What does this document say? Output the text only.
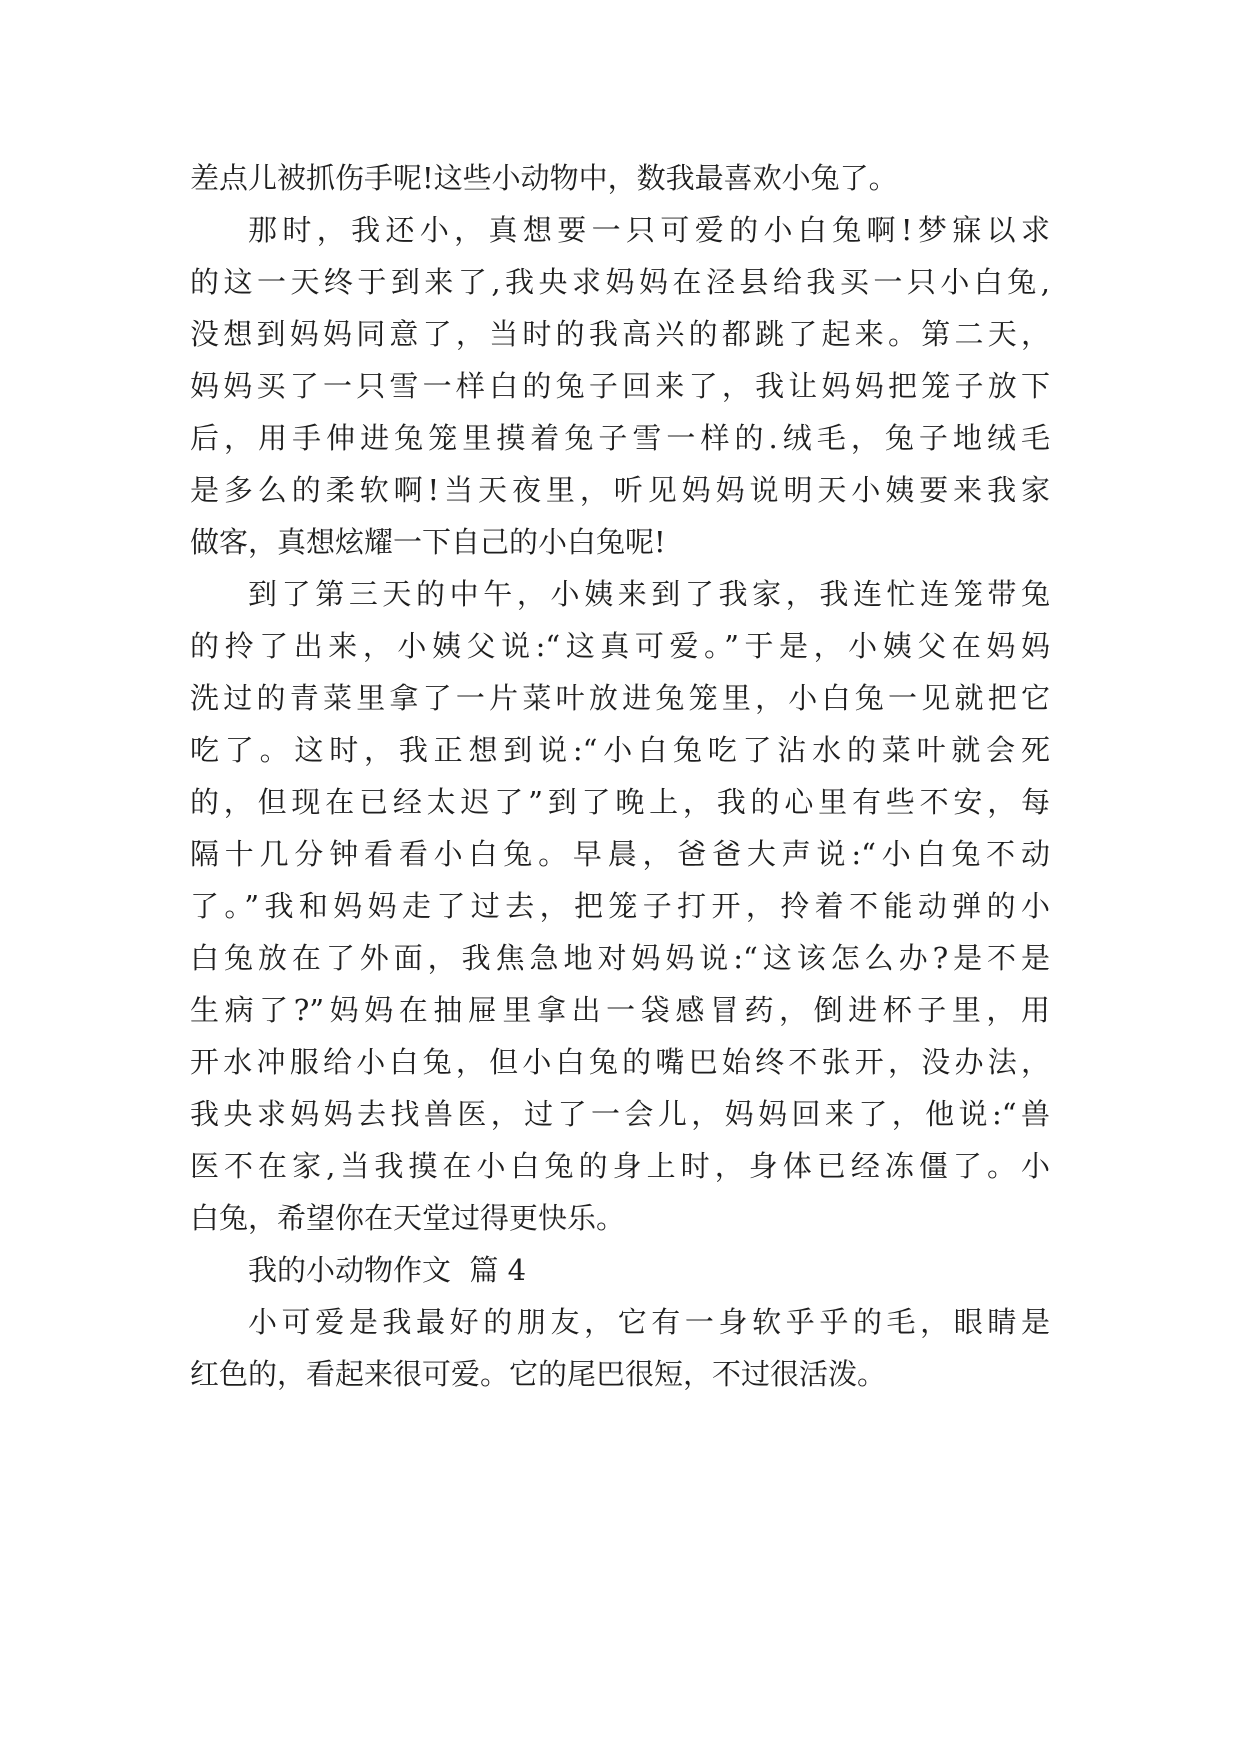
差点儿被抓伤手呢!这些小动物中，数我最喜欢小兔了。
那时，我还小，真想要一只可爱的小白兔啊!梦寐以求
的这一天终于到来了,我央求妈妈在泾县给我买一只小白兔,
没想到妈妈同意了，当时的我高兴的都跳了起来。第二天，
妈妈买了一只雪一样白的兔子回来了，我让妈妈把笼子放下
后，用手伸进兔笼里摸着兔子雪一样的.绒毛，兔子地绒毛
是多么的柔软啊!当天夜里，听见妈妈说明天小姨要来我家
做客，真想炫耀一下自己的小白兔呢!
到了第三天的中午，小姨来到了我家，我连忙连笼带兔
的拎了出来，小姨父说:“这真可爱。”于是，小姨父在妈妈
洗过的青菜里拿了一片菜叶放进兔笼里，小白兔一见就把它
吃了。这时，我正想到说:“小白兔吃了沾水的菜叶就会死
的，但现在已经太迟了”到了晚上，我的心里有些不安，每
隔十几分钟看看小白兔。早晨，爸爸大声说:“小白兔不动
了。”我和妈妈走了过去，把笼子打开，拎着不能动弹的小
白兔放在了外面，我焦急地对妈妈说:“这该怎么办?是不是
生病了?”妈妈在抽屉里拿出一袋感冒药，倒进杯子里，用
开水冲服给小白兔，但小白兔的嘴巴始终不张开，没办法，
我央求妈妈去找兽医，过了一会儿，妈妈回来了，他说:“兽
医不在家,当我摸在小白兔的身上时，身体已经冻僵了。小
白兔，希望你在天堂过得更快乐。
我的小动物作文  篇 4
小可爱是我最好的朋友，它有一身软乎乎的毛，眼睛是
红色的，看起来很可爱。它的尾巴很短，不过很活泼。
